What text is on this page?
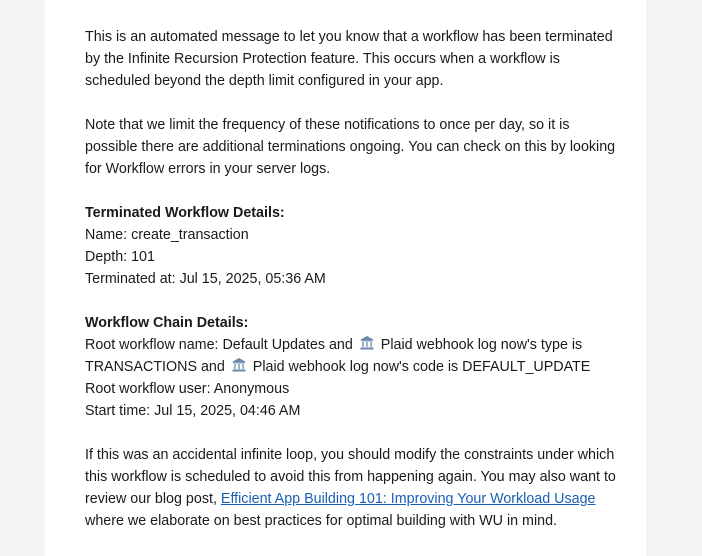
This is an automated message to let you know that a workflow has been terminated
by the Infinite Recursion Protection feature. This occurs when a workflow is
scheduled beyond the depth limit configured in your app.

Note that we limit the frequency of these notifications to once per day, so it is
possible there are additional terminations ongoing. You can check on this by looking
for Workflow errors in your server logs.

Terminated Workflow Details:
Name: create_transaction
Depth: 101
Terminated at: Jul 15, 2025, 05:36 AM

Workflow Chain Details:
Root workflow name: Default Updates and Plaid webhook log now's type is
TRANSACTIONS and Plaid webhook log now's code is DEFAULT_UPDATE
Root workflow user: Anonymous
Start time: Jul 15, 2025, 04:46 AM

If this was an accidental infinite loop, you should modify the constraints under which
this workflow is scheduled to avoid this from happening again. You may also want to
review our blog post, Efficient App Building 101: Improving Your Workload Usage
where we elaborate on best practices for optimal building with WU in mind.
